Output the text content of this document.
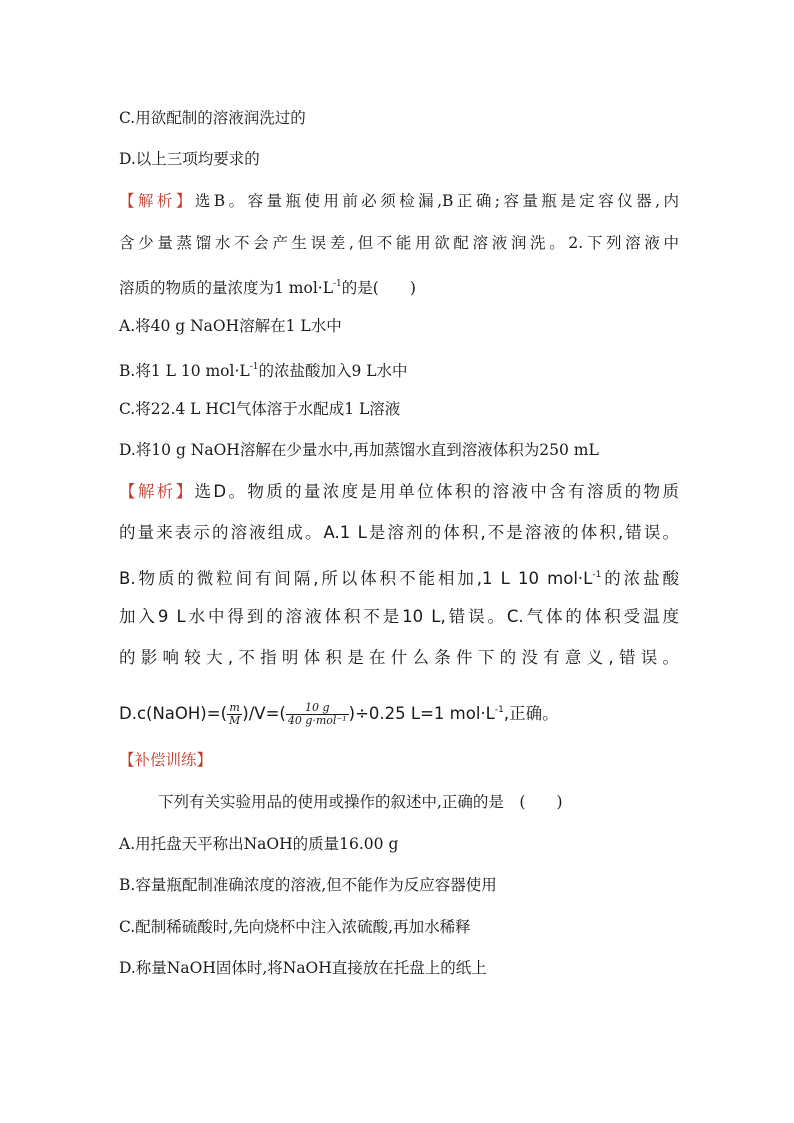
C.用欲配制的溶液润洗过的
D.以上三项均要求的
【解析】选B。容量瓶使用前必须检漏,B正确;容量瓶是定容仪器,内
含少量蒸馏水不会产生误差,但不能用欲配溶液润洗。2.下列溶液中
溶质的物质的量浓度为1 $mol\cdot L^{-1}$的是(　　)
A.将40 g NaOH溶解在1 L水中
B.将1 L 10 $mol\cdot L^{-1}$的浓盐酸加入9 L水中
C.将22.4 L HCl气体溶于水配成1 L溶液
D.将10 g NaOH溶解在少量水中,再加蒸馏水直到溶液体积为250 mL
【解析】选D。物质的量浓度是用单位体积的溶液中含有溶质的物质
的量来表示的溶液组成。A.1 L是溶剂的体积,不是溶液的体积,错误。
B.物质的微粒间有间隔,所以体积不能相加,1 L 10 $mol\cdot L^{-1}$的浓盐酸
加入9 L水中得到的溶液体积不是10 L,错误。C.气体的体积受温度
的影响较大,不指明体积是在什么条件下的没有意义,错误。
D.c(NaOH)=( $\frac{m}{M} )/V=( \frac{10 g}{\text{40 g·mol⁻¹}} )\div 0.25$ L=1 $mol\cdot L^{-1}$,正确。
【补偿训练】
下列有关实验用品的使用或操作的叙述中,正确的是　(　　)
A.用托盘天平称出NaOH的质量16.00 g
B.容量瓶配制准确浓度的溶液,但不能作为反应容器使用
C.配制稀硫酸时,先向烧杯中注入浓硫酸,再加水稀释
D.称量NaOH固体时,将NaOH直接放在托盘上的纸上
